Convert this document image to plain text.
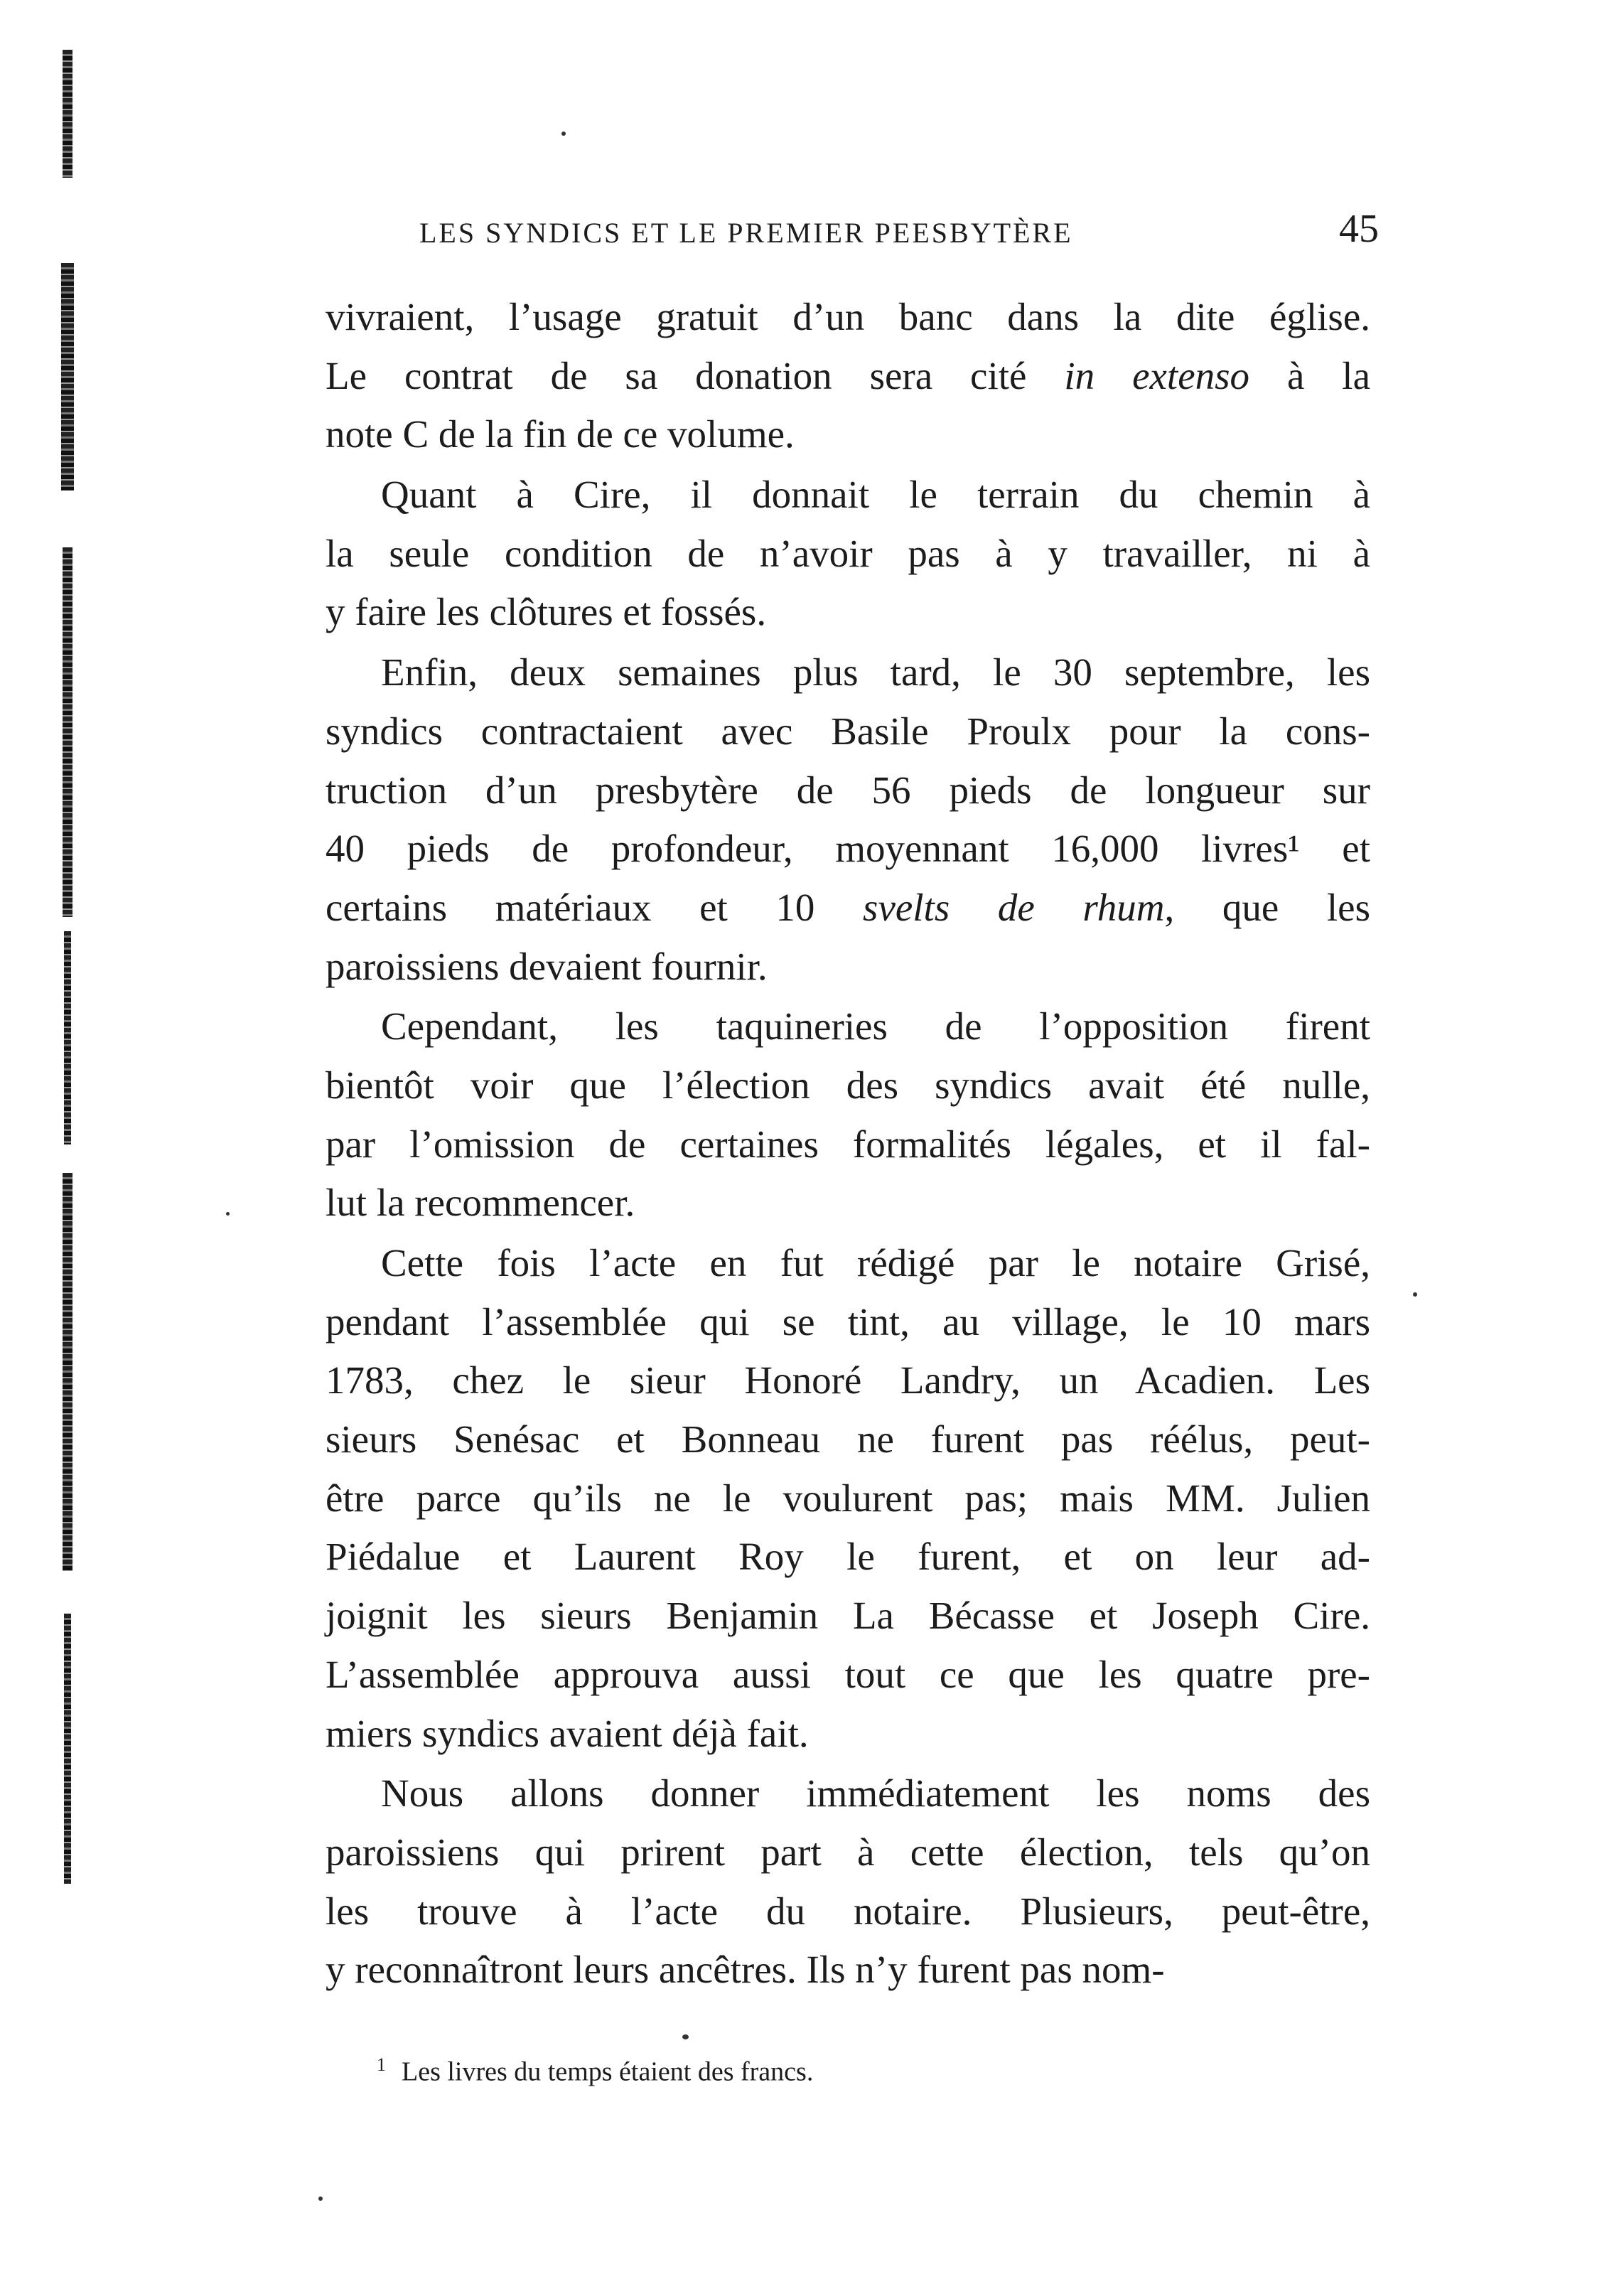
LES SYNDICS ET LE PREMIER PEESBYTÈRE	45
vivraient, l’usage gratuit d’un banc dans la dite église.
Le contrat de sa donation sera cité in extenso à la
note C de la fin de ce volume.
Quant à Cire, il donnait le terrain du chemin à
la seule condition de n’avoir pas à y travailler, ni à
y faire les clôtures et fossés.
Enfin, deux semaines plus tard, le 30 septembre, les
syndics contractaient avec Basile Proulx pour la cons-
truction d’un presbytère de 56 pieds de longueur sur
40 pieds de profondeur, moyennant 16,000 livres¹ et
certains matériaux et 10 svelts de rhum, que les
paroissiens devaient fournir.
Cependant, les taquineries de l’opposition firent
bientôt voir que l’élection des syndics avait été nulle,
par l’omission de certaines formalités légales, et il fal-
lut la recommencer.
Cette fois l’acte en fut rédigé par le notaire Grisé,
pendant l’assemblée qui se tint, au village, le 10 mars
1783, chez le sieur Honoré Landry, un Acadien. Les
sieurs Senésac et Bonneau ne furent pas réélus, peut-
être parce qu’ils ne le voulurent pas; mais MM. Julien
Piédalue et Laurent Roy le furent, et on leur ad-
joignit les sieurs Benjamin La Bécasse et Joseph Cire.
L’assemblée approuva aussi tout ce que les quatre pre-
miers syndics avaient déjà fait.
Nous allons donner immédiatement les noms des
paroissiens qui prirent part à cette élection, tels qu’on
les trouve à l’acte du notaire. Plusieurs, peut-être,
y reconnaîtront leurs ancêtres. Ils n’y furent pas nom-
$^1$ Les livres du temps étaient des francs.
